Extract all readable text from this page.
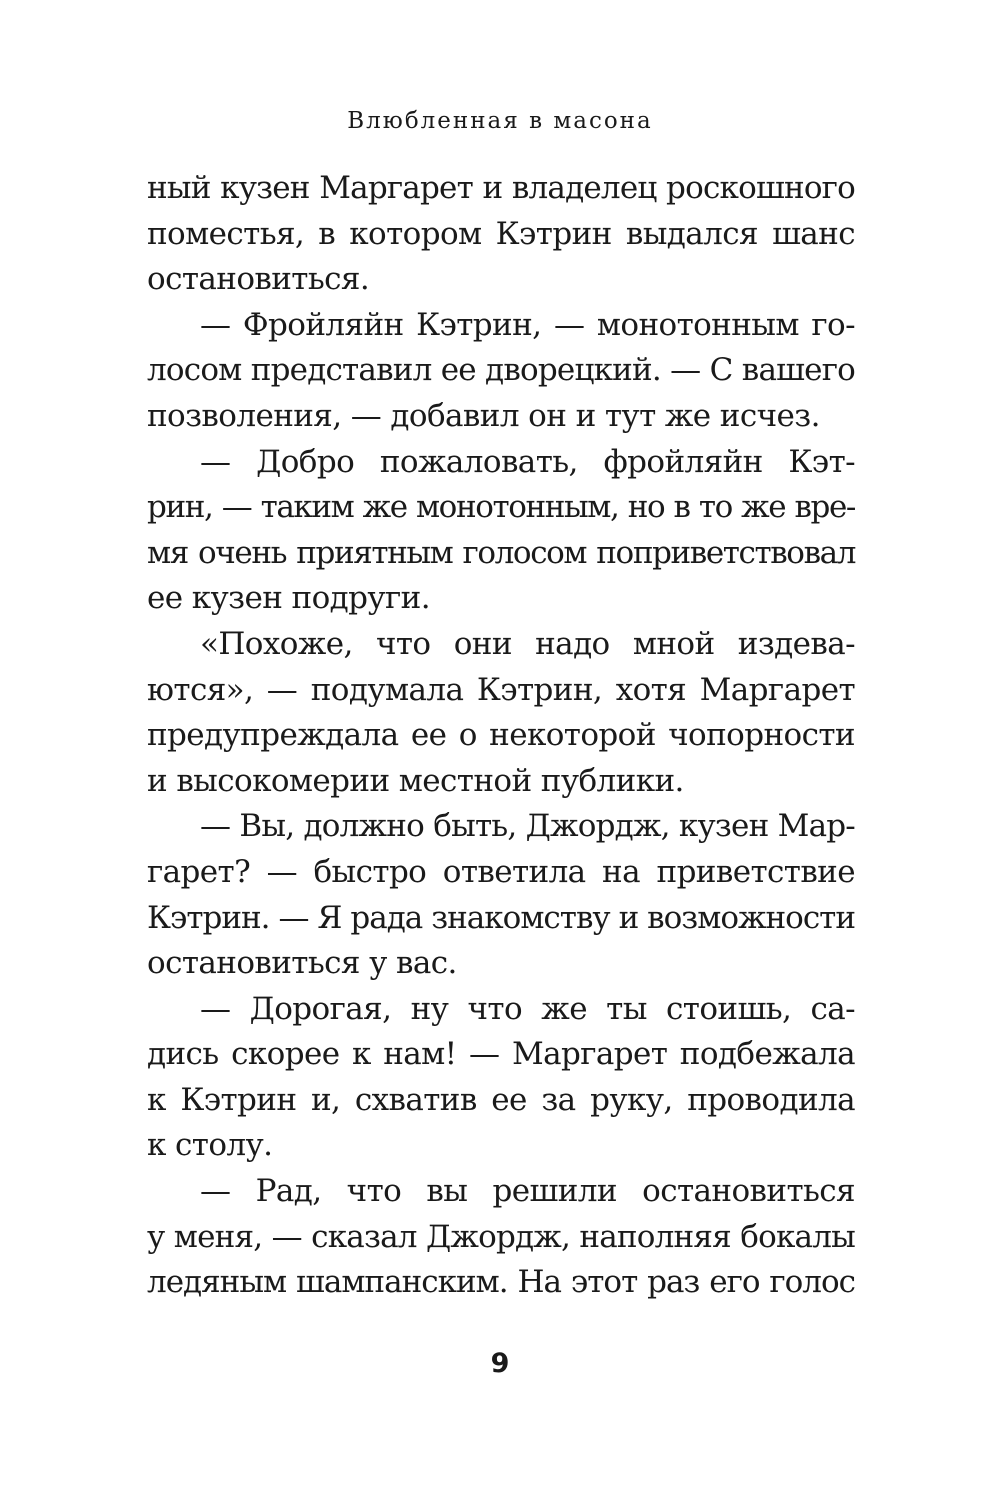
Влюбленная в масона
ный кузен Маргарет и владелец роскошного
поместья, в котором Кэтрин выдался шанс
остановиться.
— Фройляйн Кэтрин, — монотонным го-
лосом представил ее дворецкий. — С вашего
позволения, — добавил он и тут же исчез.
— Добро пожаловать, фройляйн Кэт-
рин, — таким же монотонным, но в то же вре-
мя очень приятным голосом поприветствовал
ее кузен подруги.
«Похоже, что они надо мной издева-
ются», — подумала Кэтрин, хотя Маргарет
предупреждала ее о некоторой чопорности
и высокомерии местной публики.
— Вы, должно быть, Джордж, кузен Мар-
гарет? — быстро ответила на приветствие
Кэтрин. — Я рада знакомству и возможности
остановиться у вас.
— Дорогая, ну что же ты стоишь, са-
дись скорее к нам! — Маргарет подбежала
к Кэтрин и, схватив ее за руку, проводила
к столу.
— Рад, что вы решили остановиться
у меня, — сказал Джордж, наполняя бокалы
ледяным шампанским. На этот раз его голос
9
